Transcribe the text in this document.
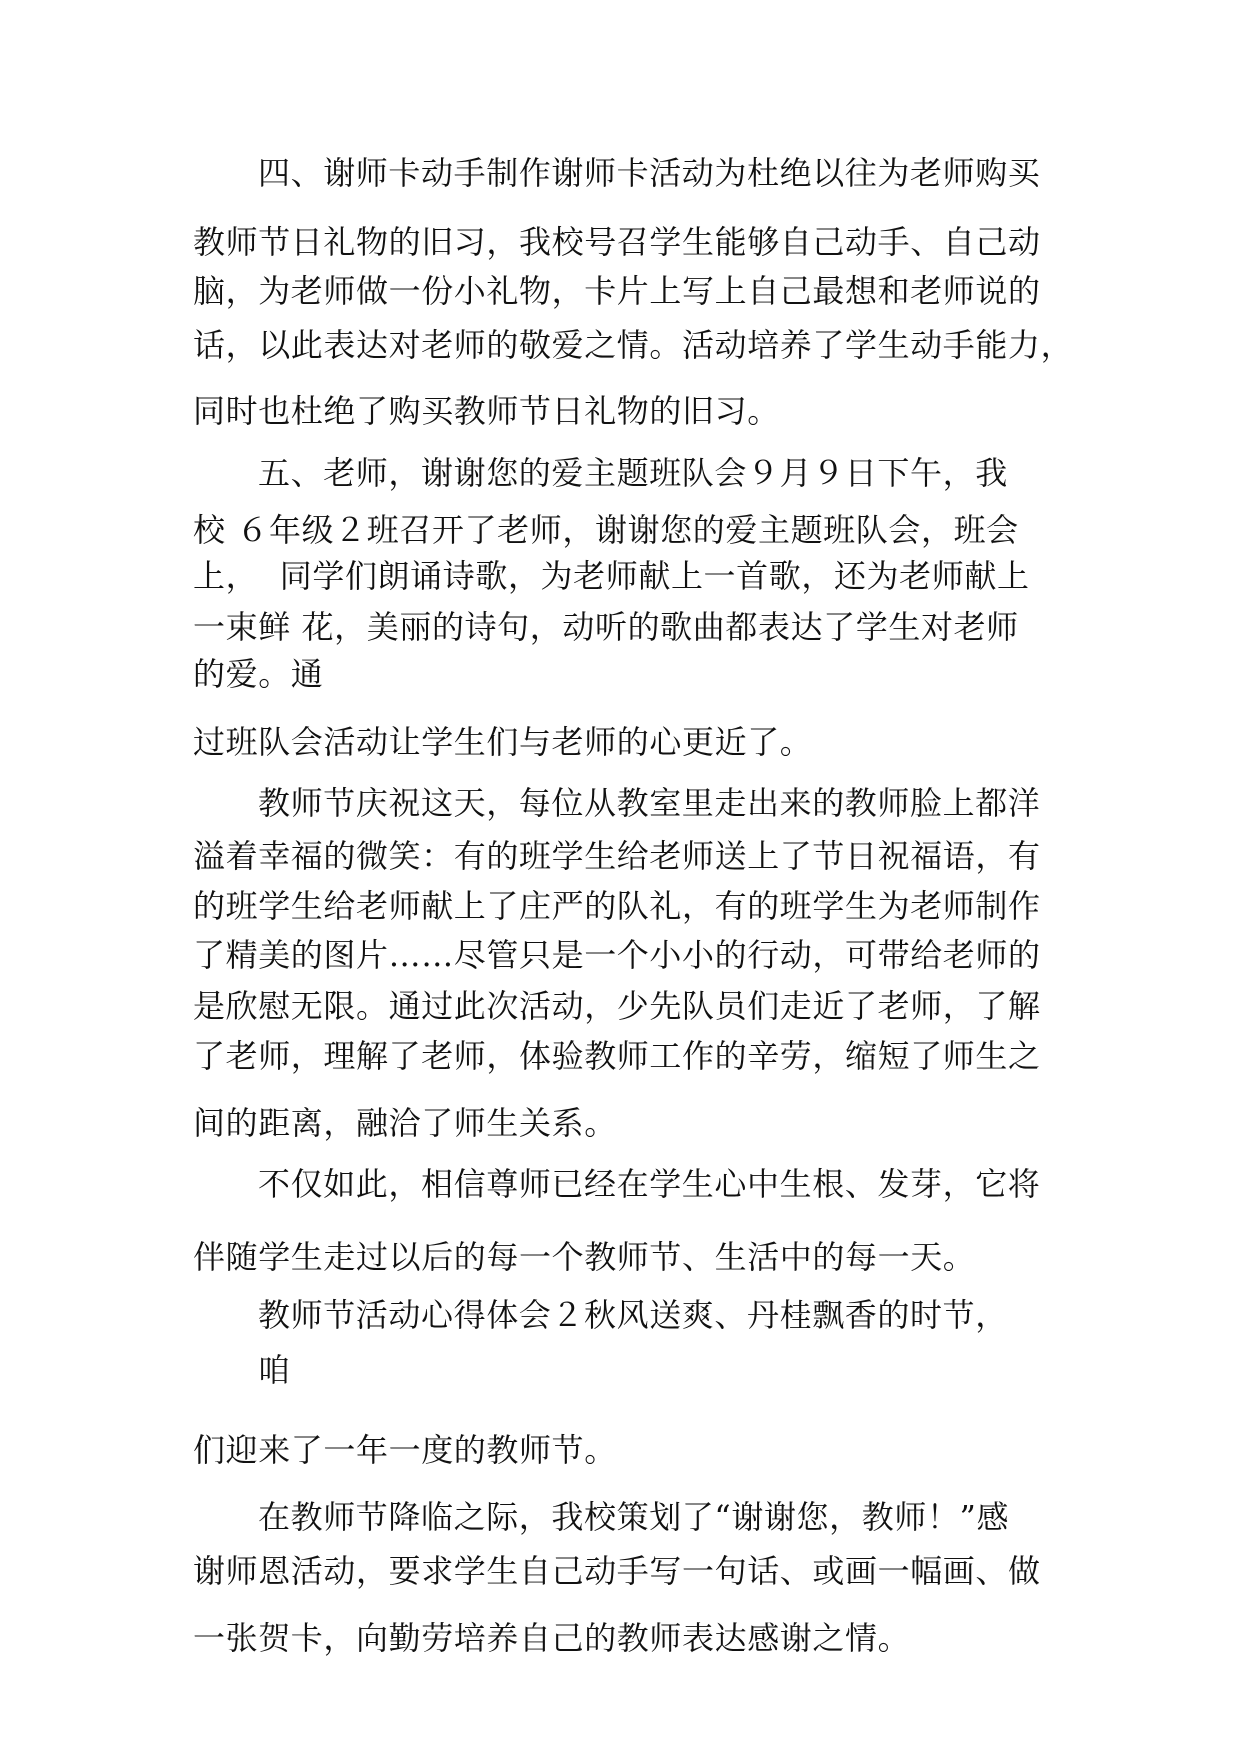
四、谢师卡动手制作谢师卡活动为杜绝以往为老师购买
教师节日礼物的旧习，我校号召学生能够自己动手、自己动
脑，为老师做一份小礼物，卡片上写上自己最想和老师说的
话，以此表达对老师的敬爱之情。活动培养了学生动手能力，
同时也杜绝了购买教师节日礼物的旧习。
五、老师，谢谢您的爱主题班队会９月９日下午，我
校 ６年级２班召开了老师，谢谢您的爱主题班队会，班会
上，  同学们朗诵诗歌，为老师献上一首歌，还为老师献上
一束鲜 花，美丽的诗句，动听的歌曲都表达了学生对老师
的爱。通
过班队会活动让学生们与老师的心更近了。
教师节庆祝这天，每位从教室里走出来的教师脸上都洋
溢着幸福的微笑：有的班学生给老师送上了节日祝福语，有
的班学生给老师献上了庄严的队礼，有的班学生为老师制作
了精美的图片……尽管只是一个小小的行动，可带给老师的
是欣慰无限。通过此次活动，少先队员们走近了老师，了解
了老师，理解了老师，体验教师工作的辛劳，缩短了师生之
间的距离，融洽了师生关系。
不仅如此，相信尊师已经在学生心中生根、发芽，它将
伴随学生走过以后的每一个教师节、生活中的每一天。
教师节活动心得体会２秋风送爽、丹桂飘香的时节，
咱
们迎来了一年一度的教师节。
在教师节降临之际，我校策划了“谢谢您，教师！”感
谢师恩活动，要求学生自己动手写一句话、或画一幅画、做
一张贺卡，向勤劳培养自己的教师表达感谢之情。
